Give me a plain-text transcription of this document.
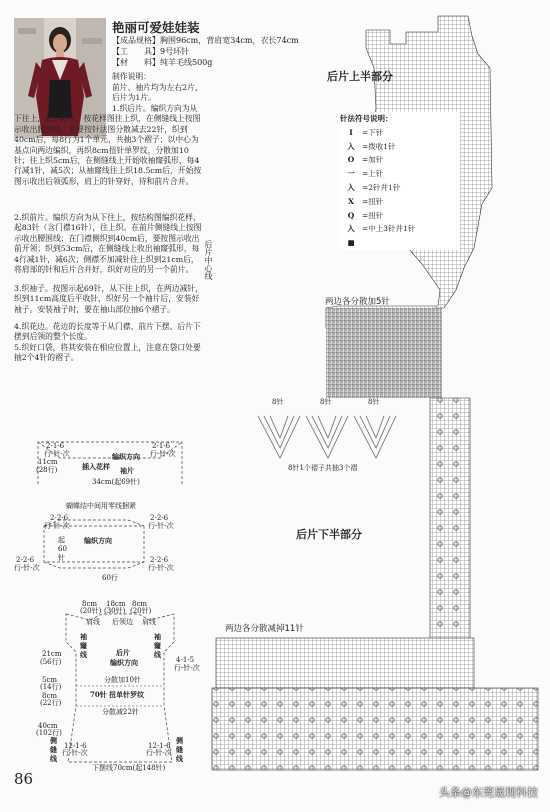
艳丽可爱娃娃装
【成品规格】胸围96cm，背肩宽34cm，衣长74cm
【工　　具】9号环针
【材　　料】纯羊毛线500g
制作说明：
前片、袖片均为左右2片，后片为1片。
1.织后片。编织方向为从下往上，起148针，按花样图往上织，在侧缝线上按图示收出腰围线，并要按针法图分散减去22针，织到40cm后，每8行为1个单元，共抽3个褶子；以中心为基点向两边编织，再织8cm扭针单罗纹，分散加10针；往上织5cm后，在侧缝线上开始收袖窿弧形，每4行减1针，减5次；从袖窿线往上织18.5cm后，开始按图示收出后领弧形，肩上的针穿好，待和前片合并。
2.织前片。编织方向为从下往上，按结构图编织花样，起83针（含门襟16针），往上织。在前片侧缝线上按图示收出腰围线；在门襟侧织到40cm后，要按图示收出前开领；织到53cm后，在侧缝线上收出袖窿弧形，每4行减1针，减6次；侧襟不加减针往上织到21cm后，将肩部的针和后片合并好，织好对应的另一个前片。
3.织袖子。按图示起69针，从下往上织，在两边减针，织到11cm高度后平收针，织好另一个袖片后，安装好袖子。安装袖子时，要在袖山部位抽6个褶子。
4.织花边。花边的长度等于从门襟、前片下摆、后片下摆到后领的整个长度。
5.织好口袋，将其安装在相应位置上，注意在袋口处要抽2个4针的褶子。
后片上半部分
后片下半部分
后片中心线
两边各分散加5针
两边各分散减掉11针
8针	8针	8针
8针1个褶子共抽3个褶
针法符号说明：
I	=下针
入 =拨收1针
O	=加针
一 =上针
入 =2针并1针
X	=扭针
Q	=扭针
入 =中上3针并1针
■
2-1-6
行-针-次
2-1-6
行-针-次
编织方向
11cm
(28行)	插入花样 袖片
34cm(起69针)
蝴蝶结中间用零线捆紧
2-2-6
行-针-次
2-2-6
行-针-次
编织方向
起60针
2-2-6
行-针-次
2-2-6
行-针-次
60行
8cm
(20针)
18cm
(30针)
8cm
(20针)
后领边
肩线	肩线
袖窿线
袖窿线
21cm
(56行)	4-1-5
行-针-次
后片
编织方向
分散加10针
70针 扭单针罗纹
5cm
(14行)
8cm
(22行)
分散减22针
40cm
(102行)
12-1-6
行-针-次
12-1-6
行-针-次
侧缝线
侧缝线
下摆线70cm(起148针)
86
头条@东莞晟现科技
